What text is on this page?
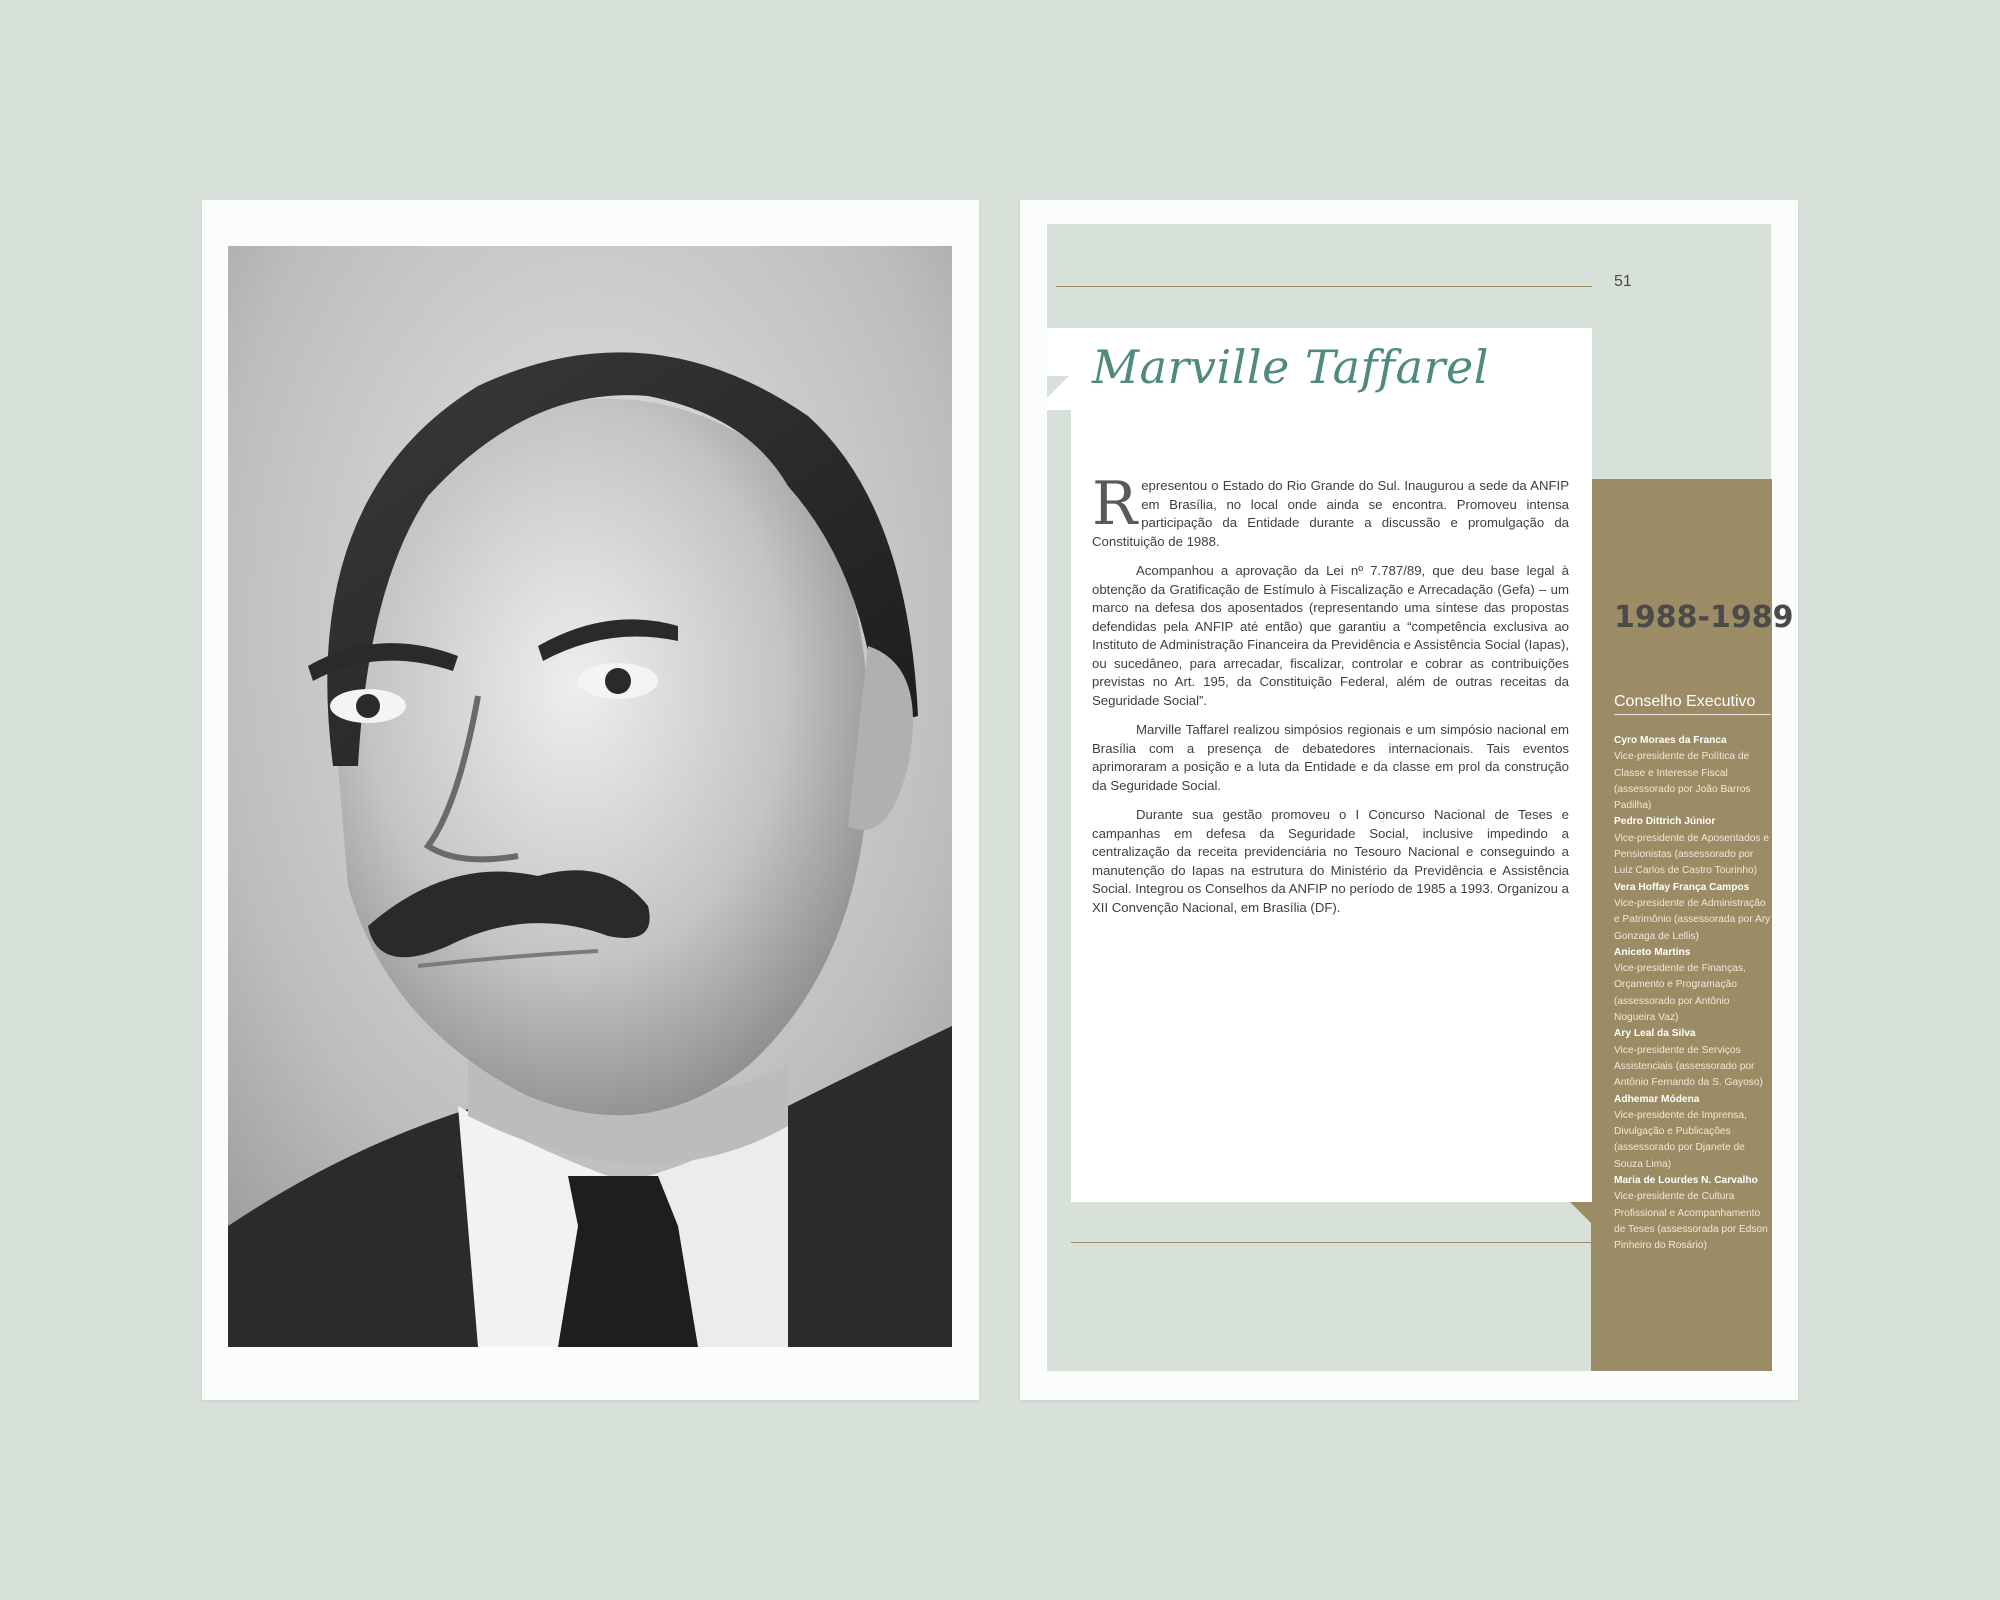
51
Marville Taffarel

Representou o Estado do Rio Grande do Sul. Inaugurou a sede da ANFIP em Brasília, no local onde ainda se encontra. Promoveu intensa participação da Entidade durante a discussão e promulgação da Constituição de 1988.

Acompanhou a aprovação da Lei nº 7.787/89, que deu base legal à obtenção da Gratificação de Estímulo à Fiscalização e Arrecadação (Gefa) – um marco na defesa dos aposentados (representando uma síntese das propostas defendidas pela ANFIP até então) que garantiu a “competência exclusiva ao Instituto de Administração Financeira da Previdência e Assistência Social (Iapas), ou sucedâneo, para arrecadar, fiscalizar, controlar e cobrar as contribuições previstas no Art. 195, da Constituição Federal, além de outras receitas da Seguridade Social”.

Marville Taffarel realizou simpósios regionais e um simpósio nacional em Brasília com a presença de debatedores internacionais. Tais eventos aprimoraram a posição e a luta da Entidade e da classe em prol da construção da Seguridade Social.

Durante sua gestão promoveu o I Concurso Nacional de Teses e campanhas em defesa da Seguridade Social, inclusive impedindo a centralização da receita previdenciária no Tesouro Nacional e conseguindo a manutenção do Iapas na estrutura do Ministério da Previdência e Assistência Social. Integrou os Conselhos da ANFIP no período de 1985 a 1993. Organizou a XII Convenção Nacional, em Brasília (DF).

1988-1989
Conselho Executivo

Cyro Moraes da Franca
Vice-presidente de Política de Classe e Interesse Fiscal (assessorado por João Barros Padilha)

Pedro Dittrich Júnior
Vice-presidente de Aposentados e Pensionistas (assessorado por Luiz Carlos de Castro Tourinho)

Vera Hoffay França Campos
Vice-presidente de Administração e Patrimônio (assessorada por Ary Gonzaga de Lellis)

Aniceto Martins
Vice-presidente de Finanças, Orçamento e Programação (assessorado por Antônio Nogueira Vaz)

Ary Leal da Silva
Vice-presidente de Serviços Assistenciais (assessorado por Antônio Fernando da S. Gayoso)

Adhemar Módena
Vice-presidente de Imprensa, Divulgação e Publicações (assessorado por Djanete de Souza Lima)

Maria de Lourdes N. Carvalho
Vice-presidente de Cultura Profissional e Acompanhamento de Teses (assessorada por Edson Pinheiro do Rosário)
